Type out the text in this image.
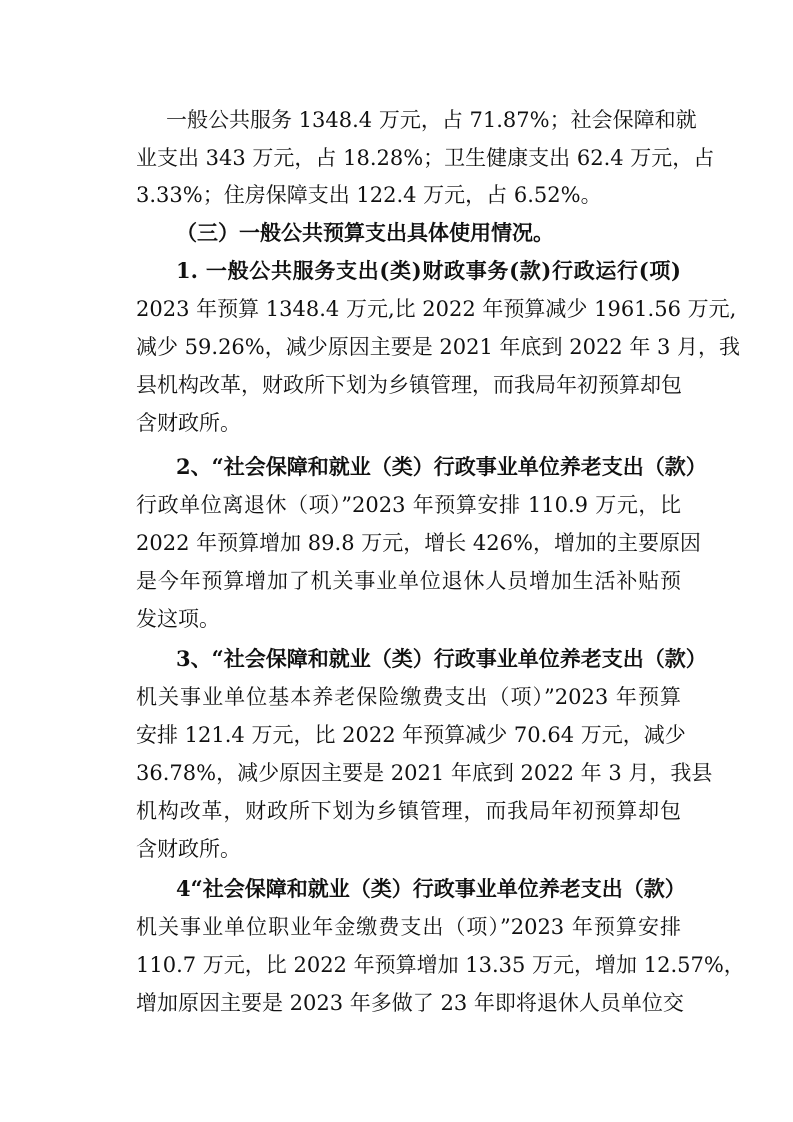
一般公共服务 1348.4 万元，占 71.87%；社会保障和就
业支出 343 万元，占 18.28%；卫生健康支出 62.4 万元，占
3.33%；住房保障支出 122.4 万元，占 6.52%。
（三）一般公共预算支出具体使用情况。
1. 一般公共服务支出(类)财政事务(款)行政运行(项)
2023 年预算 1348.4 万元,比 2022 年预算减少 1961.56 万元,
减少 59.26%，减少原因主要是 2021 年底到 2022 年 3 月，我
县机构改革，财政所下划为乡镇管理，而我局年初预算却包
含财政所。
2、“社会保障和就业（类）行政事业单位养老支出（款）
行政单位离退休（项）”2023 年预算安排 110.9 万元，比
2022 年预算增加 89.8 万元，增长 426%，增加的主要原因
是今年预算增加了机关事业单位退休人员增加生活补贴预
发这项。
3、“社会保障和就业（类）行政事业单位养老支出（款）
机关事业单位基本养老保险缴费支出（项）”2023 年预算
安排 121.4 万元，比 2022 年预算减少 70.64 万元，减少
36.78%，减少原因主要是 2021 年底到 2022 年 3 月，我县
机构改革，财政所下划为乡镇管理，而我局年初预算却包
含财政所。
4“社会保障和就业（类）行政事业单位养老支出（款）
机关事业单位职业年金缴费支出（项）”2023 年预算安排
110.7 万元，比 2022 年预算增加 13.35 万元，增加 12.57%，
增加原因主要是 2023 年多做了 23 年即将退休人员单位交
